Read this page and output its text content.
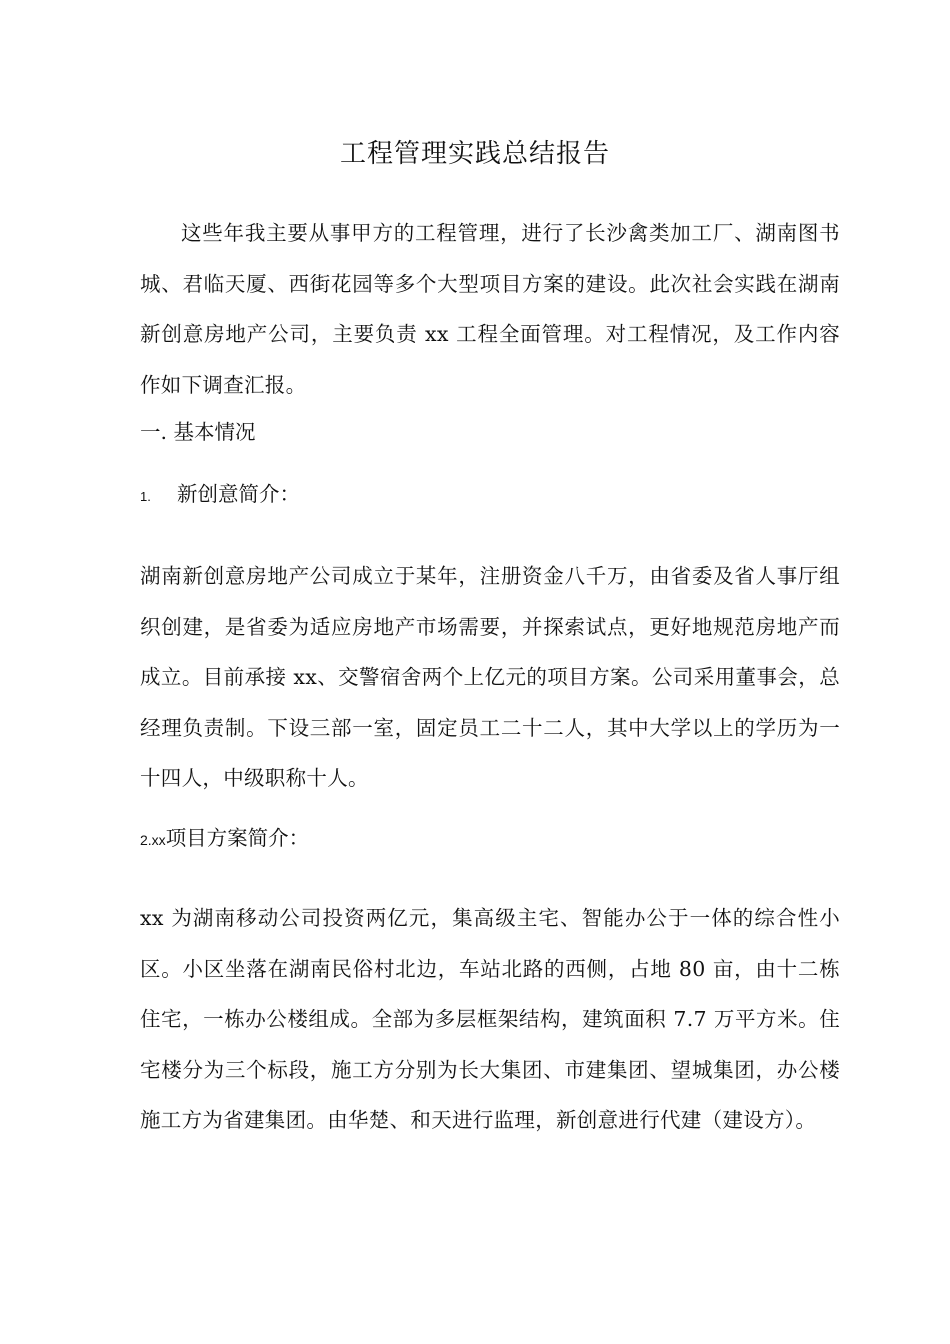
工程管理实践总结报告

这些年我主要从事甲方的工程管理，进行了长沙禽类加工厂、湖南图书城、君临天厦、西街花园等多个大型项目方案的建设。此次社会实践在湖南新创意房地产公司，主要负责 xx 工程全面管理。对工程情况，及工作内容作如下调查汇报。

一. 基本情况

1. 新创意简介：

湖南新创意房地产公司成立于某年，注册资金八千万，由省委及省人事厅组织创建，是省委为适应房地产市场需要，并探索试点，更好地规范房地产而成立。目前承接 xx、交警宿舍两个上亿元的项目方案。公司采用董事会，总经理负责制。下设三部一室，固定员工二十二人，其中大学以上的学历为一十四人，中级职称十人。

2.xx项目方案简介：

xx 为湖南移动公司投资两亿元，集高级主宅、智能办公于一体的综合性小区。小区坐落在湖南民俗村北边，车站北路的西侧，占地 80 亩，由十二栋住宅，一栋办公楼组成。全部为多层框架结构，建筑面积 7.7 万平方米。住宅楼分为三个标段，施工方分别为长大集团、市建集团、望城集团，办公楼施工方为省建集团。由华楚、和天进行监理，新创意进行代建（建设方）。
